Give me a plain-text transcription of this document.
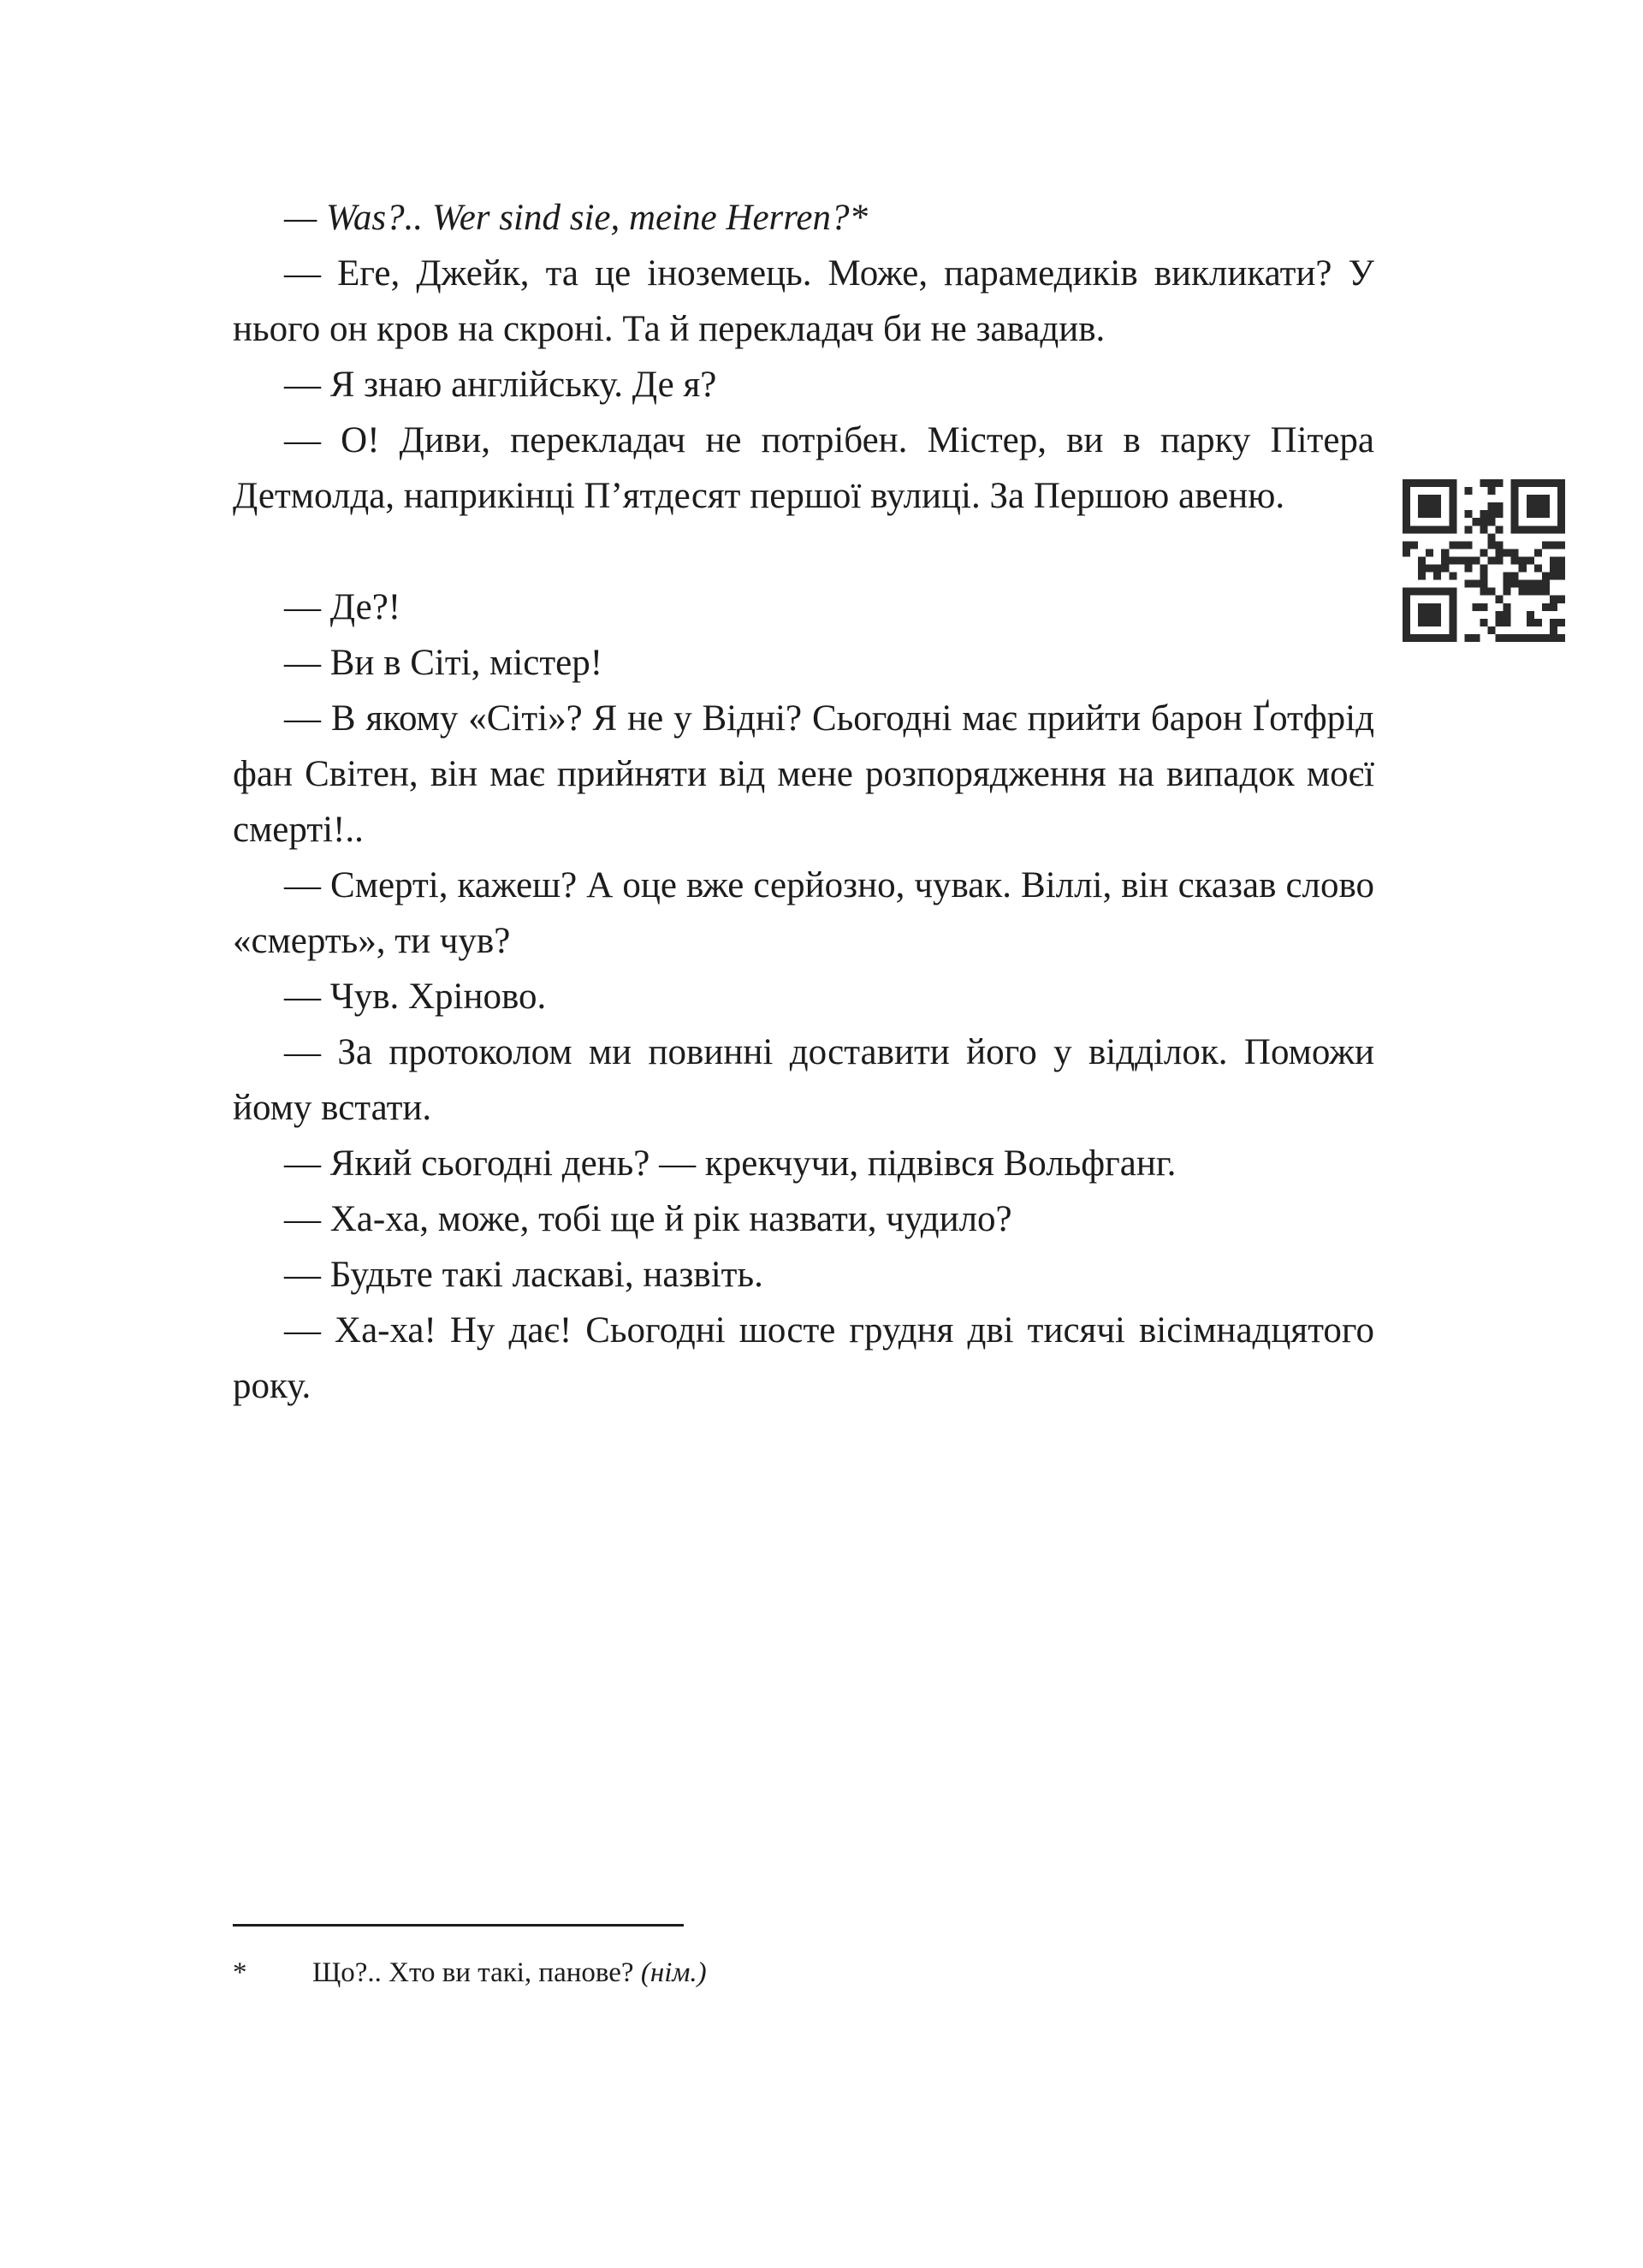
— Was?.. Wer sind sie, meine Herren?*

— Еге, Джейк, та це іноземець. Може, парамедиків викликати? У нього он кров на скроні. Та й перекладач би не завадив.

— Я знаю англійську. Де я?

— О! Диви, перекладач не потрібен. Містер, ви в парку Пітера Детмолда, наприкінці П’ятдесят першої вулиці. За Першою авеню.

— Де?!

— Ви в Сіті, містер!

— В якому «Сіті»? Я не у Відні? Сьогодні має прийти барон Ґотфрід фан Світен, він має прийняти від мене розпорядження на випадок моєї смерті!..

— Смерті, кажеш? А оце вже серйозно, чувак. Віллі, він сказав слово «смерть», ти чув?

— Чув. Хріново.

— За протоколом ми повинні доставити його у відділок. Поможи йому встати.

— Який сьогодні день? — крекчучи, підвівся Вольфганг.

— Ха-ха, може, тобі ще й рік назвати, чудило?

— Будьте такі ласкаві, назвіть.

— Ха-ха! Ну дає! Сьогодні шосте грудня дві тисячі вісімнадцятого року.

* Що?.. Хто ви такі, панове? (нім.)
